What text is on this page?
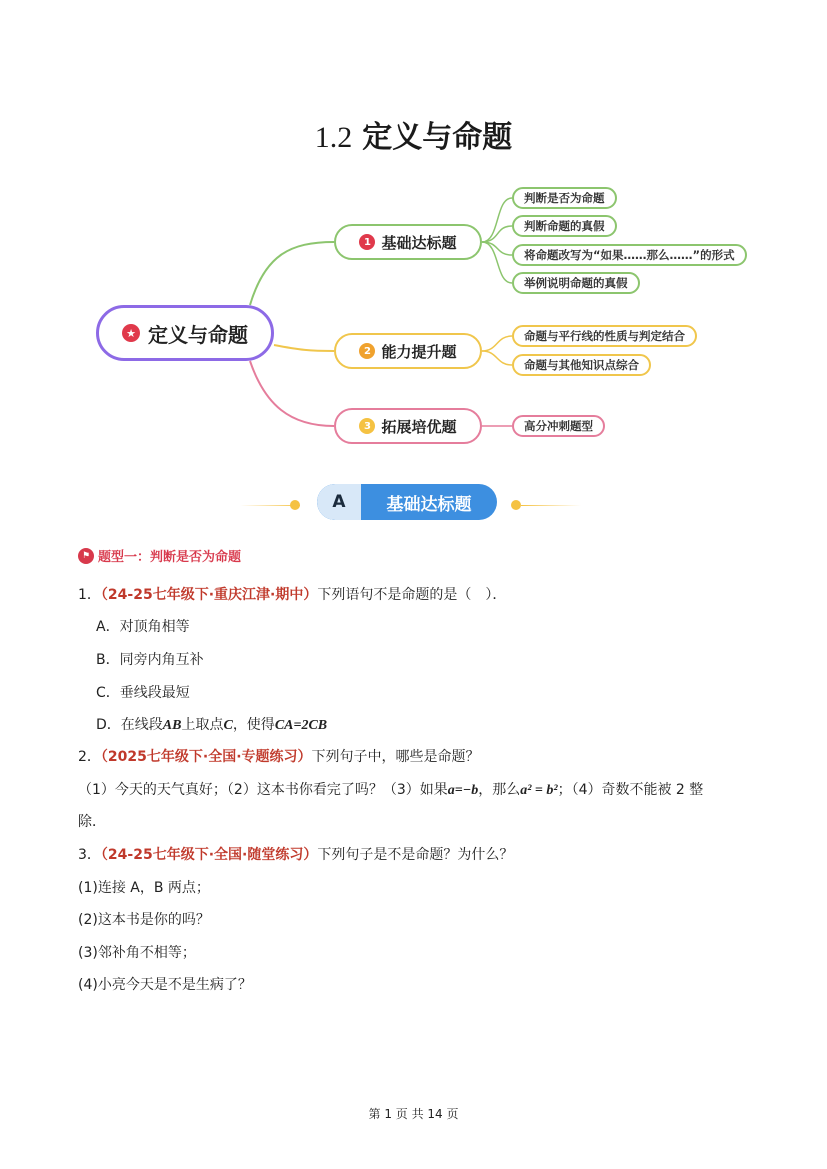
1.2 定义与命题
★ 定义与命题
1 基础达标题
2 能力提升题
3 拓展培优题
判断是否为命题
判断命题的真假
将命题改写为“如果……那么……”的形式
举例说明命题的真假
命题与平行线的性质与判定结合
命题与其他知识点综合
高分冲刺题型
A	基础达标题
⚑ 题型一：判断是否为命题
1．（24-25七年级下·重庆江津·期中）下列语句不是命题的是（　）．
A．对顶角相等
B．同旁内角互补
C．垂线段最短
D．在线段AB上取点C，使得CA=2CB
2．（2025七年级下·全国·专题练习）下列句子中，哪些是命题？
（1）今天的天气真好；（2）这本书你看完了吗？（3）如果a=−b，那么a² = b²；（4）奇数不能被 2 整
除．
3．（24-25七年级下·全国·随堂练习）下列句子是不是命题？为什么？
(1)连接 A，B 两点；
(2)这本书是你的吗？
(3)邻补角不相等；
(4)小亮今天是不是生病了？
第 1 页 共 14 页
